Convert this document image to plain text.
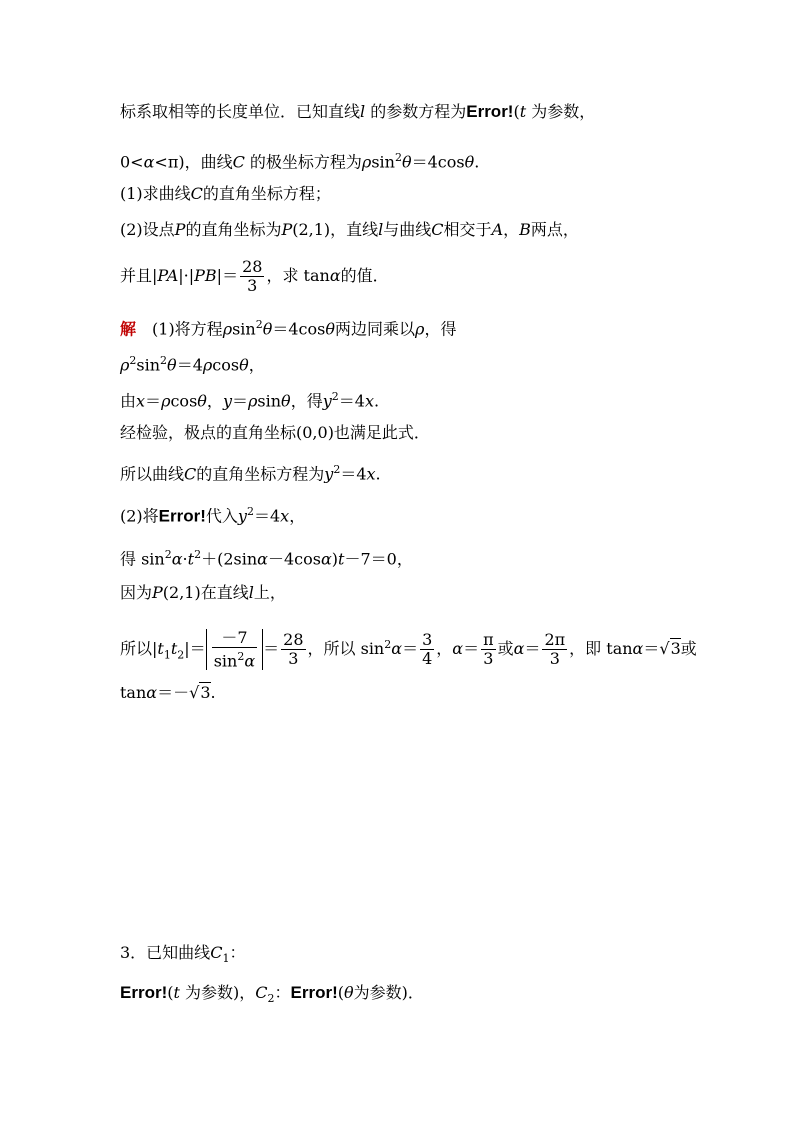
标系取相等的长度单位．已知直线l 的参数方程为Error!(t 为参数，
0<α<π)，曲线C 的极坐标方程为ρsin$^2$θ＝4cosθ.
(1)求曲线C的直角坐标方程；
(2)设点P的直角坐标为P(2,1)，直线l与曲线C相交于A，B两点，
并且$|PA|\cdot|PB|= \frac{28}{3}$ ，求 tanα的值．
解　(1)将方程ρsin$^2$θ＝4cosθ两边同乘以ρ，得
$\rho^2\sin^2\theta=4\rho\cos\theta$，
由x＝ρcosθ，y＝ρsinθ，得$y^2=4x$.
经检验，极点的直角坐标(0,0)也满足此式．
所以曲线C的直角坐标方程为$y^2=4x$.
(2)将Error!代入$y^2=4x$，
得 $\sin^2\alpha\cdot t^2+(2\sin\alpha-4\cos\alpha)t-7=0$，
因为P(2,1)在直线l上，
所以$|t_1t_2|= \frac{-7}{\sin^2\alpha} = \frac{28}{3}$ ，所以 $\sin^2\alpha= \frac{3}{4}$ ，$\alpha= \frac{\pi}{3}$ 或$\alpha= \frac{2\pi}{3}$ ，即 tanα＝√3或
tanα＝－√3.
3．已知曲线$C_1$：
Error!(t 为参数)，$C_2$：Error!(θ为参数)．
